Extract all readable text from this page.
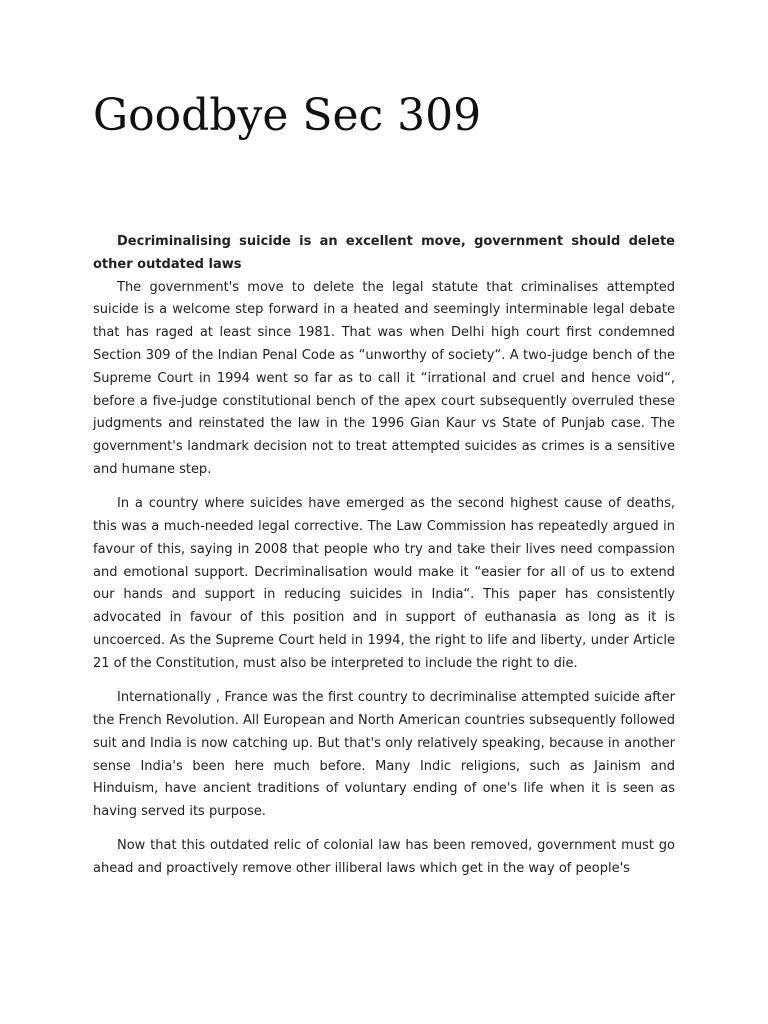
Goodbye Sec 309

Decriminalising suicide is an excellent move, government should delete other outdated laws

The government's move to delete the legal statute that criminalises attempted suicide is a welcome step forward in a heated and seemingly interminable legal debate that has raged at least since 1981. That was when Delhi high court first condemned Section 309 of the Indian Penal Code as “unworthy of society“. A two-judge bench of the Supreme Court in 1994 went so far as to call it “irrational and cruel and hence void“, before a five-judge constitutional bench of the apex court subsequently overruled these judgments and reinstated the law in the 1996 Gian Kaur vs State of Punjab case. The government's landmark decision not to treat attempted suicides as crimes is a sensitive and humane step.

In a country where suicides have emerged as the second highest cause of deaths, this was a much-needed legal corrective. The Law Commission has repeatedly argued in favour of this, saying in 2008 that people who try and take their lives need compassion and emotional support. Decriminalisation would make it “easier for all of us to extend our hands and support in reducing suicides in India“. This paper has consistently advocated in favour of this position and in support of euthanasia as long as it is uncoerced. As the Supreme Court held in 1994, the right to life and liberty, under Article 21 of the Constitution, must also be interpreted to include the right to die.

Internationally , France was the first country to decriminalise attempted suicide after the French Revolution. All European and North American countries subsequently followed suit and India is now catching up. But that's only relatively speaking, because in another sense India's been here much before. Many Indic religions, such as Jainism and Hinduism, have ancient traditions of voluntary ending of one's life when it is seen as having served its purpose.

Now that this outdated relic of colonial law has been removed, government must go ahead and proactively remove other illiberal laws which get in the way of people's
